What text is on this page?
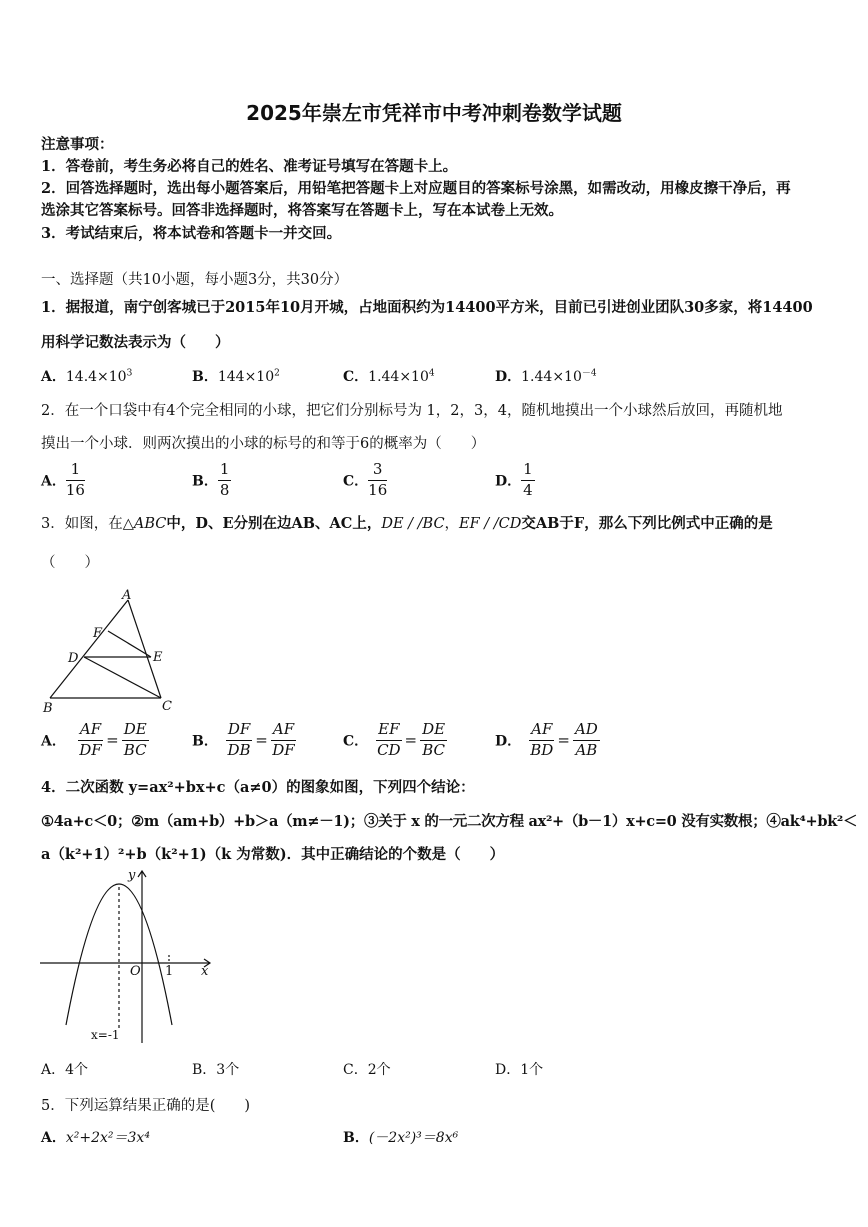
2025年崇左市凭祥市中考冲刺卷数学试题
注意事项：
1．答卷前，考生务必将自己的姓名、准考证号填写在答题卡上。
2．回答选择题时，选出每小题答案后，用铅笔把答题卡上对应题目的答案标号涂黑，如需改动，用橡皮擦干净后，再
选涂其它答案标号。回答非选择题时，将答案写在答题卡上，写在本试卷上无效。
3．考试结束后，将本试卷和答题卡一并交回。
一、选择题（共10小题，每小题3分，共30分）
1．据报道，南宁创客城已于2015年10月开城，占地面积约为14400平方米，目前已引进创业团队30多家，将14400
用科学记数法表示为（　　）
A．$14.4\times 10^3$	B．$144\times 10^2$	C．$1.44\times 10^4$	D．$1.44\times 10^{-4}$
2．在一个口袋中有4个完全相同的小球，把它们分别标号为 1，2，3，4，随机地摸出一个小球然后放回，再随机地
摸出一个小球．则两次摸出的小球的标号的和等于6的概率为（　　）
A． $\frac{1}{16}$	B． $\frac{1}{8}$	C． $\frac{3}{16}$	D． $\frac{1}{4}$
3．如图，在△ABC中，D、E分别在边AB、AC上，DE / /BC，EF / /CD交AB于F，那么下列比例式中正确的是
（　　）
A
F
D	E
B	C
A． $\frac{AF}{DF} = \frac{DE}{BC}$	B． $\frac{DF}{DB} = \frac{AF}{DF}$	C． $\frac{EF}{CD} = \frac{DE}{BC}$	D． $\frac{AF}{BD} = \frac{AD}{AB}$
4．二次函数 y=ax²+bx+c（a≠0）的图象如图，下列四个结论：
①4a+c＜0；②m（am+b）+b＞a（m≠－1)；③关于 x 的一元二次方程 ax²+（b－1）x+c=0 没有实数根；④ak⁴+bk²＜
a（k²+1）²+b（k²+1)（k 为常数)．其中正确结论的个数是（　　）
y
x
O 1
x=-1
A．4个	B．3个	C．2个	D．1个
5．下列运算结果正确的是(　　)
A．x²+2x²＝3x⁴	B．(－2x²)³＝8x⁶
